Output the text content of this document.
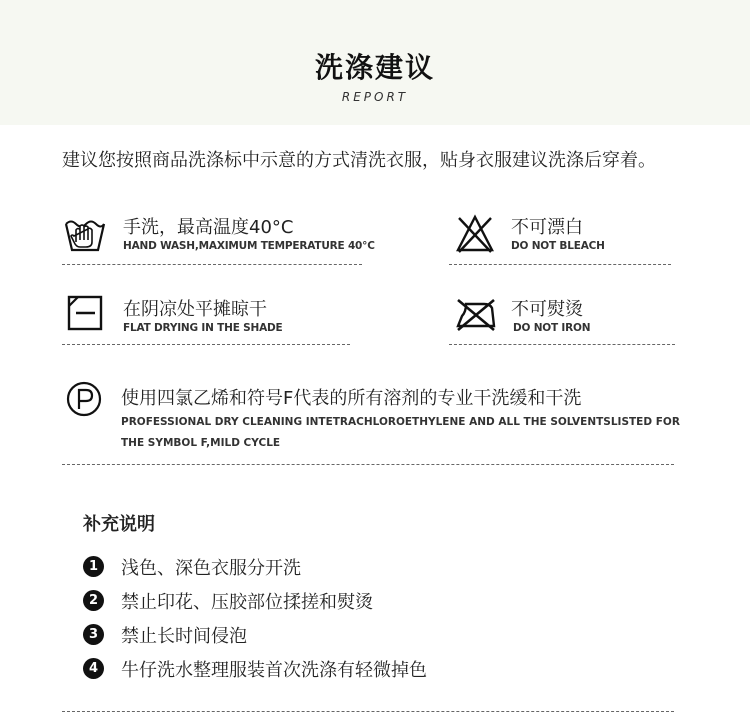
洗涤建议
REPORT
建议您按照商品洗涤标中示意的方式清洗衣服，贴身衣服建议洗涤后穿着。
手洗，最高温度40°C
HAND WASH,MAXIMUM TEMPERATURE 40°C
不可漂白
DO NOT BLEACH
在阴凉处平摊晾干
FLAT DRYING IN THE SHADE
不可熨烫
DO NOT IRON
使用四氯乙烯和符号F代表的所有溶剂的专业干洗缓和干洗
PROFESSIONAL DRY CLEANING INTETRACHLOROETHYLENE AND ALL THE SOLVENTSLISTED FOR THE SYMBOL F,MILD CYCLE
补充说明
1	浅色、深色衣服分开洗
2	禁止印花、压胶部位揉搓和熨烫
3	禁止长时间侵泡
4	牛仔洗水整理服装首次洗涤有轻微掉色
